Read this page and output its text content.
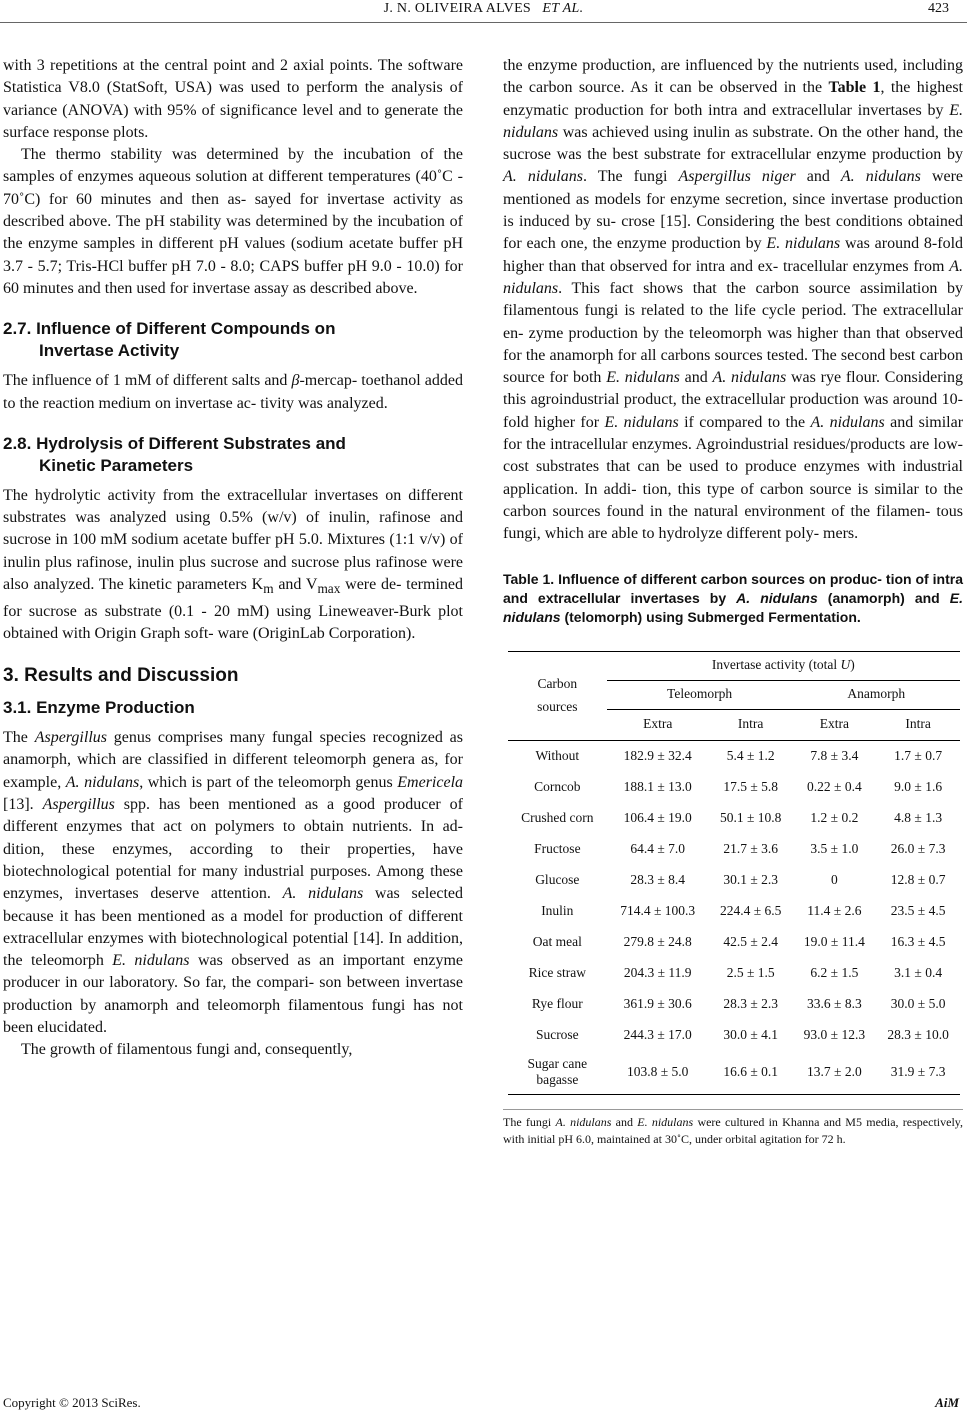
J. N. OLIVEIRA ALVES ET AL.	423

with 3 repetitions at the central point and 2 axial points. The software Statistica V8.0 (StatSoft, USA) was used to perform the analysis of variance (ANOVA) with 95% of significance level and to generate the surface response plots.

The thermo stability was determined by the incubation of the samples of enzymes aqueous solution at different temperatures (40˚C - 70˚C) for 60 minutes and then as- sayed for invertase activity as described above. The pH stability was determined by the incubation of the enzyme samples in different pH values (sodium acetate buffer pH 3.7 - 5.7; Tris-HCl buffer pH 7.0 - 8.0; CAPS buffer pH 9.0 - 10.0) for 60 minutes and then used for invertase assay as described above.

2.7. Influence of Different Compounds on
Invertase Activity

The influence of 1 mM of different salts and β-mercap- toethanol added to the reaction medium on invertase ac- tivity was analyzed.

2.8. Hydrolysis of Different Substrates and
Kinetic Parameters

The hydrolytic activity from the extracellular invertases on different substrates was analyzed using 0.5% (w/v) of inulin, rafinose and sucrose in 100 mM sodium acetate buffer pH 5.0. Mixtures (1:1 v/v) of inulin plus rafinose, inulin plus sucrose and sucrose plus rafinose were also analyzed. The kinetic parameters $K_m$ and $V_{max}$ were de- termined for sucrose as substrate (0.1 - 20 mM) using Lineweaver-Burk plot obtained with Origin Graph soft- ware (OriginLab Corporation).

3. Results and Discussion
3.1. Enzyme Production

The Aspergillus genus comprises many fungal species recognized as anamorph, which are classified in different teleomorph genera as, for example, A. nidulans, which is part of the teleomorph genus Emericela [13]. Aspergillus spp. has been mentioned as a good producer of different enzymes that act on polymers to obtain nutrients. In ad- dition, these enzymes, according to their properties, have biotechnological potential for many industrial purposes. Among these enzymes, invertases deserve attention. A. nidulans was selected because it has been mentioned as a model for production of different extracellular enzymes with biotechnological potential [14]. In addition, the teleomorph E. nidulans was observed as an important enzyme producer in our laboratory. So far, the compari- son between invertase production by anamorph and teleomorph filamentous fungi has not been elucidated.

The growth of filamentous fungi and, consequently,

the enzyme production, are influenced by the nutrients used, including the carbon source. As it can be observed in the Table 1, the highest enzymatic production for both intra and extracellular invertases by E. nidulans was achieved using inulin as substrate. On the other hand, the sucrose was the best substrate for extracellular enzyme production by A. nidulans. The fungi Aspergillus niger and A. nidulans were mentioned as models for enzyme secretion, since invertase production is induced by su- crose [15]. Considering the best conditions obtained for each one, the enzyme production by E. nidulans was around 8-fold higher than that observed for intra and ex- tracellular enzymes from A. nidulans. This fact shows that the carbon source assimilation by filamentous fungi is related to the life cycle period. The extracellular en- zyme production by the teleomorph was higher than that observed for the anamorph for all carbons sources tested. The second best carbon source for both E. nidulans and A. nidulans was rye flour. Considering this agroindustrial product, the extracellular production was around 10-fold higher for E. nidulans if compared to the A. nidulans and similar for the intracellular enzymes. Agroindustrial residues/products are low-cost substrates that can be used to produce enzymes with industrial application. In addi- tion, this type of carbon source is similar to the carbon sources found in the natural environment of the filamen- tous fungi, which are able to hydrolyze different poly- mers.

Table 1. Influence of different carbon sources on produc- tion of intra and extracellular invertases by A. nidulans (anamorph) and E. nidulans (telomorph) using Submerged Fermentation.
Carbon
sources	Invertase activity (total U)			
	Teleomorph		Anamorph	
	Extra	Intra	Extra	Intra
Without	182.9 ± 32.4	5.4 ± 1.2	7.8 ± 3.4	1.7 ± 0.7
Corncob	188.1 ± 13.0	17.5 ± 5.8	0.22 ± 0.4	9.0 ± 1.6
Crushed corn	106.4 ± 19.0	50.1 ± 10.8	1.2 ± 0.2	4.8 ± 1.3
Fructose	64.4 ± 7.0	21.7 ± 3.6	3.5 ± 1.0	26.0 ± 7.3
Glucose	28.3 ± 8.4	30.1 ± 2.3	0	12.8 ± 0.7
Inulin	714.4 ± 100.3	224.4 ± 6.5	11.4 ± 2.6	23.5 ± 4.5
Oat meal	279.8 ± 24.8	42.5 ± 2.4	19.0 ± 11.4	16.3 ± 4.5
Rice straw	204.3 ± 11.9	2.5 ± 1.5	6.2 ± 1.5	3.1 ± 0.4
Rye flour	361.9 ± 30.6	28.3 ± 2.3	33.6 ± 8.3	30.0 ± 5.0
Sucrose	244.3 ± 17.0	30.0 ± 4.1	93.0 ± 12.3	28.3 ± 10.0
Sugar cane
bagasse	103.8 ± 5.0	16.6 ± 0.1	13.7 ± 2.0	31.9 ± 7.3
The fungi A. nidulans and E. nidulans were cultured in Khanna and M5 media, respectively, with initial pH 6.0, maintained at 30˚C, under orbital agitation for 72 h.
Copyright © 2013 SciRes.	AiM
